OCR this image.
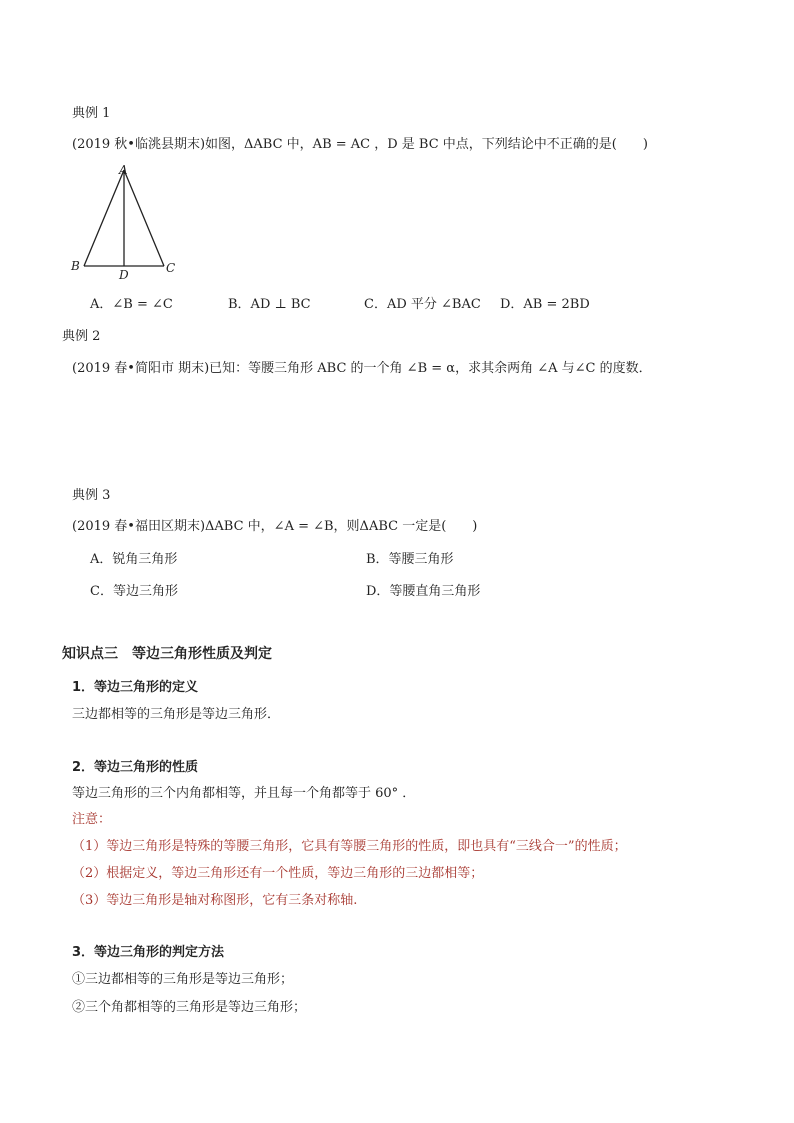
典例 1
(2019 秋•临洮县期末)如图，ΔABC 中，AB = AC ，D 是 BC 中点，下列结论中不正确的是(　　)
A
B	C
D
A．∠B = ∠C	B．AD ⊥ BC	C．AD 平分 ∠BAC D．AB = 2BD
典例 2
(2019 春•简阳市 期末)已知：等腰三角形 ABC 的一个角 ∠B = α，求其余两角 ∠A 与∠C 的度数．
典例 3
(2019 春•福田区期末)ΔABC 中，∠A = ∠B，则ΔABC 一定是(　　)
A．锐角三角形	B．等腰三角形
C．等边三角形	D．等腰直角三角形
知识点三　等边三角形性质及判定
1．等边三角形的定义
三边都相等的三角形是等边三角形．
2．等边三角形的性质
等边三角形的三个内角都相等，并且每一个角都等于 60° ．
注意：
（1）等边三角形是特殊的等腰三角形，它具有等腰三角形的性质，即也具有“三线合一”的性质；
（2）根据定义，等边三角形还有一个性质，等边三角形的三边都相等；
（3）等边三角形是轴对称图形，它有三条对称轴.
3．等边三角形的判定方法
①三边都相等的三角形是等边三角形；
②三个角都相等的三角形是等边三角形；
